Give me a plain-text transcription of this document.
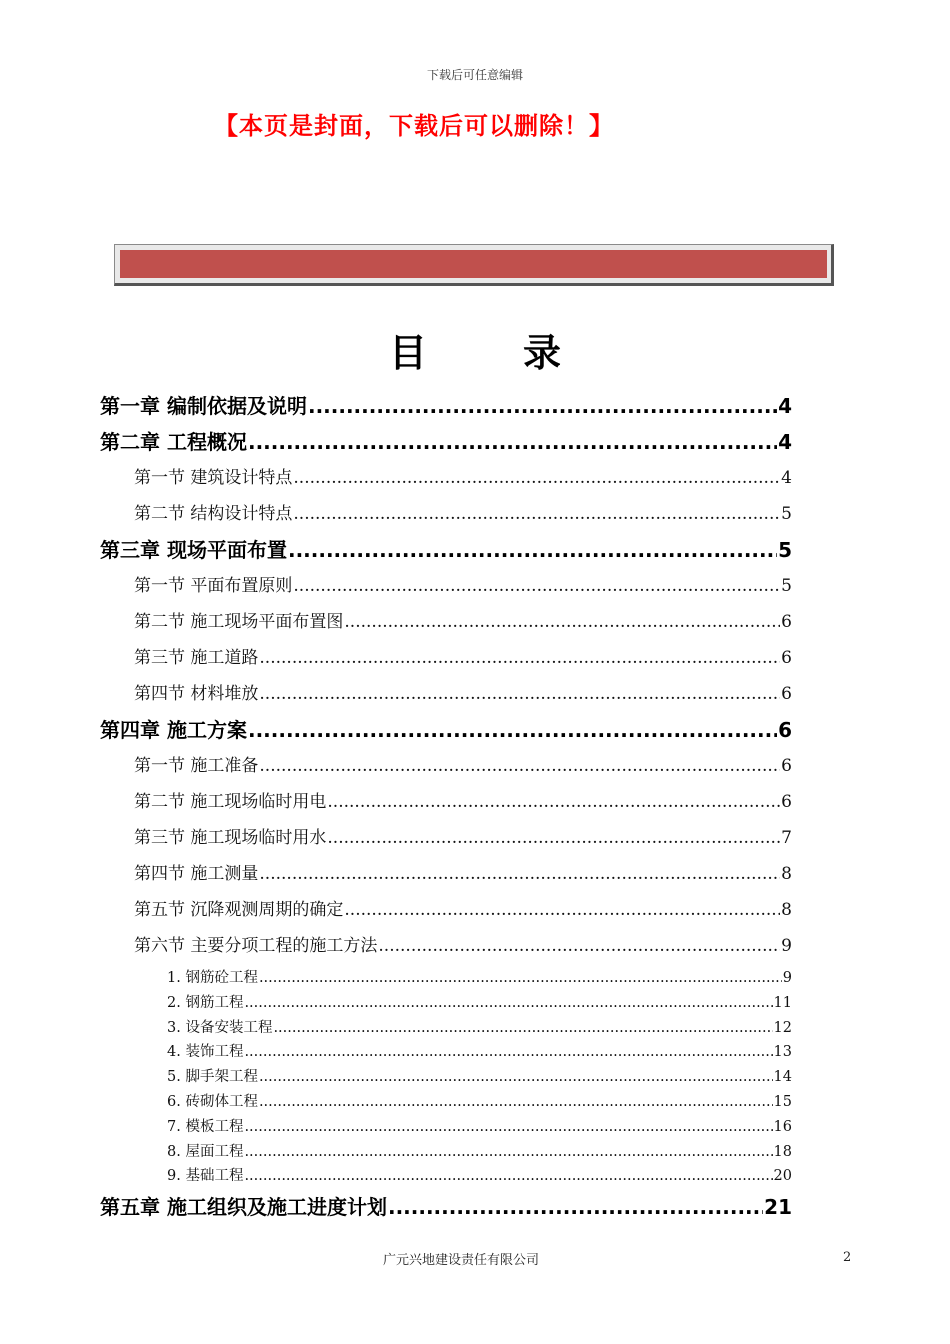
下载后可任意编辑
【本页是封面，下载后可以删除！】
目	录
第一章 编制依据及说明 .....	4
第二章 工程概况 .....	4
第一节 建筑设计特点 .....	4
第二节 结构设计特点 .....	5
第三章 现场平面布置 .....	5
第一节 平面布置原则 .....	5
第二节 施工现场平面布置图 .....	6
第三节 施工道路 .....	6
第四节 材料堆放 .....	6
第四章 施工方案 .....	6
第一节 施工准备 .....	6
第二节 施工现场临时用电 .....	6
第三节 施工现场临时用水 .....	7
第四节 施工测量 .....	8
第五节 沉降观测周期的确定 .....	8
第六节 主要分项工程的施工方法 .....	9
1. 钢筋砼工程 .....	9
2. 钢筋工程 .....	11
3. 设备安装工程 .....	12
4. 装饰工程 .....	13
5. 脚手架工程 .....	14
6. 砖砌体工程 .....	15
7. 模板工程 .....	16
8. 屋面工程 .....	18
9. 基础工程 .....	20
第五章 施工组织及施工进度计划 .....	21
广元兴地建设责任有限公司	2
